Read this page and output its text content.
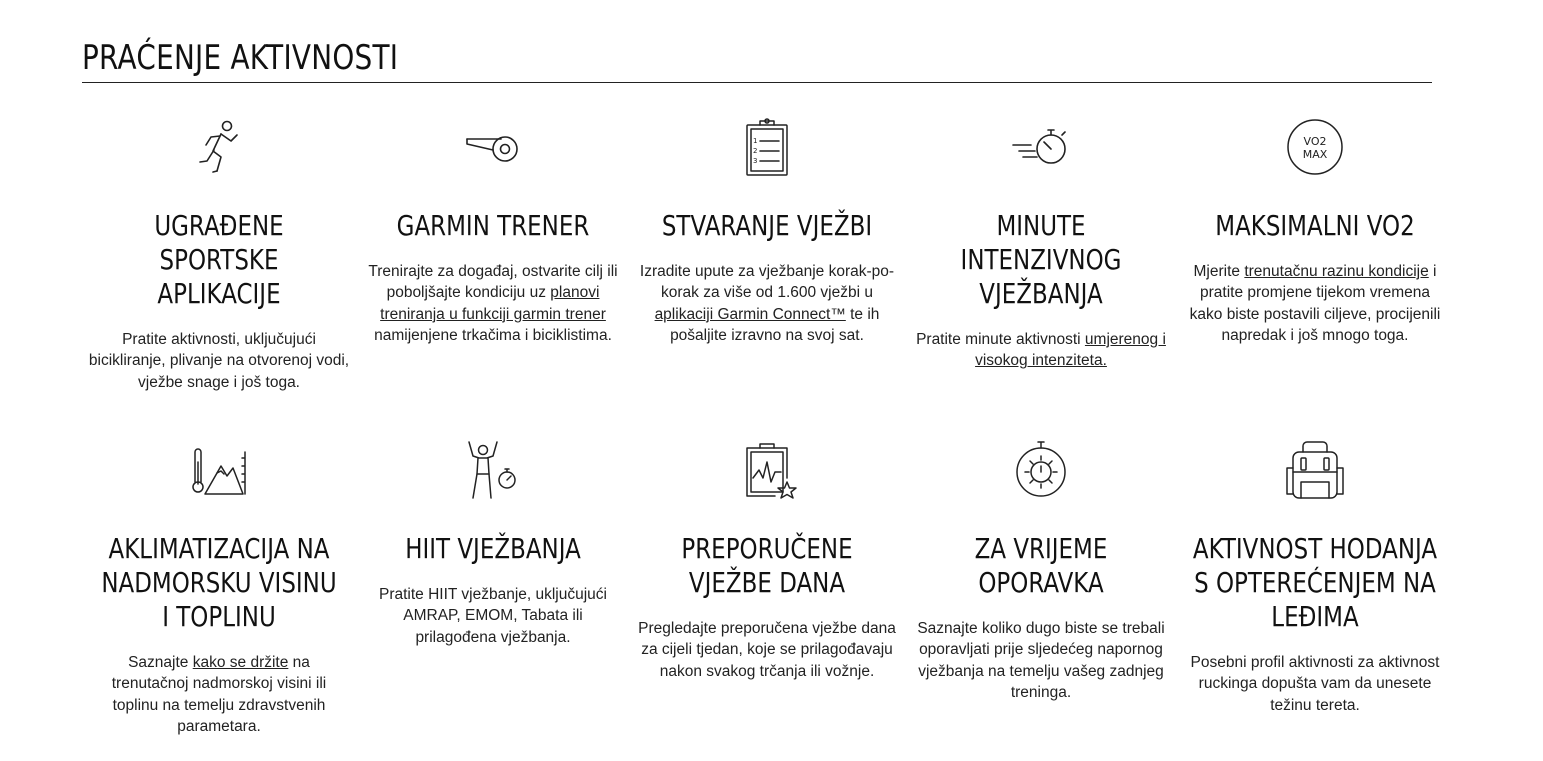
PRAĆENJE AKTIVNOSTI
UGRAĐENE SPORTSKE APLIKACIJE

Pratite aktivnosti, uključujući bicikliranje, plivanje na otvorenoj vodi, vježbe snage i još toga.

GARMIN TRENER

Trenirajte za događaj, ostvarite cilj ili poboljšajte kondiciju uz planovi treniranja u funkciji garmin trener namijenjene trkačima i biciklistima.

1
2
3
STVARANJE VJEŽBI

Izradite upute za vježbanje korak-po-korak za više od 1.600 vježbi u aplikaciji Garmin Connect™ te ih pošaljite izravno na svoj sat.

MINUTE INTENZIVNOG VJEŽBANJA

Pratite minute aktivnosti umjerenog i visokog intenziteta.

VO2
MAX
MAKSIMALNI VO2

Mjerite trenutačnu razinu kondicije i pratite promjene tijekom vremena kako biste postavili ciljeve, procijenili napredak i još mnogo toga.

AKLIMATIZACIJA NA NADMORSKU VISINU I TOPLINU

Saznajte kako se držite na trenutačnoj nadmorskoj visini ili toplinu na temelju zdravstvenih parametara.

HIIT VJEŽBANJA

Pratite HIIT vježbanje, uključujući AMRAP, EMOM, Tabata ili prilagođena vježbanja.

PREPORUČENE VJEŽBE DANA

Pregledajte preporučena vježbe dana za cijeli tjedan, koje se prilagođavaju nakon svakog trčanja ili vožnje.

ZA VRIJEME OPORAVKA

Saznajte koliko dugo biste se trebali oporavljati prije sljedećeg napornog vježbanja na temelju vašeg zadnjeg treninga.

AKTIVNOST HODANJA S OPTEREĆENJEM NA LEĐIMA

Posebni profil aktivnosti za aktivnost ruckinga dopušta vam da unesete težinu tereta.
